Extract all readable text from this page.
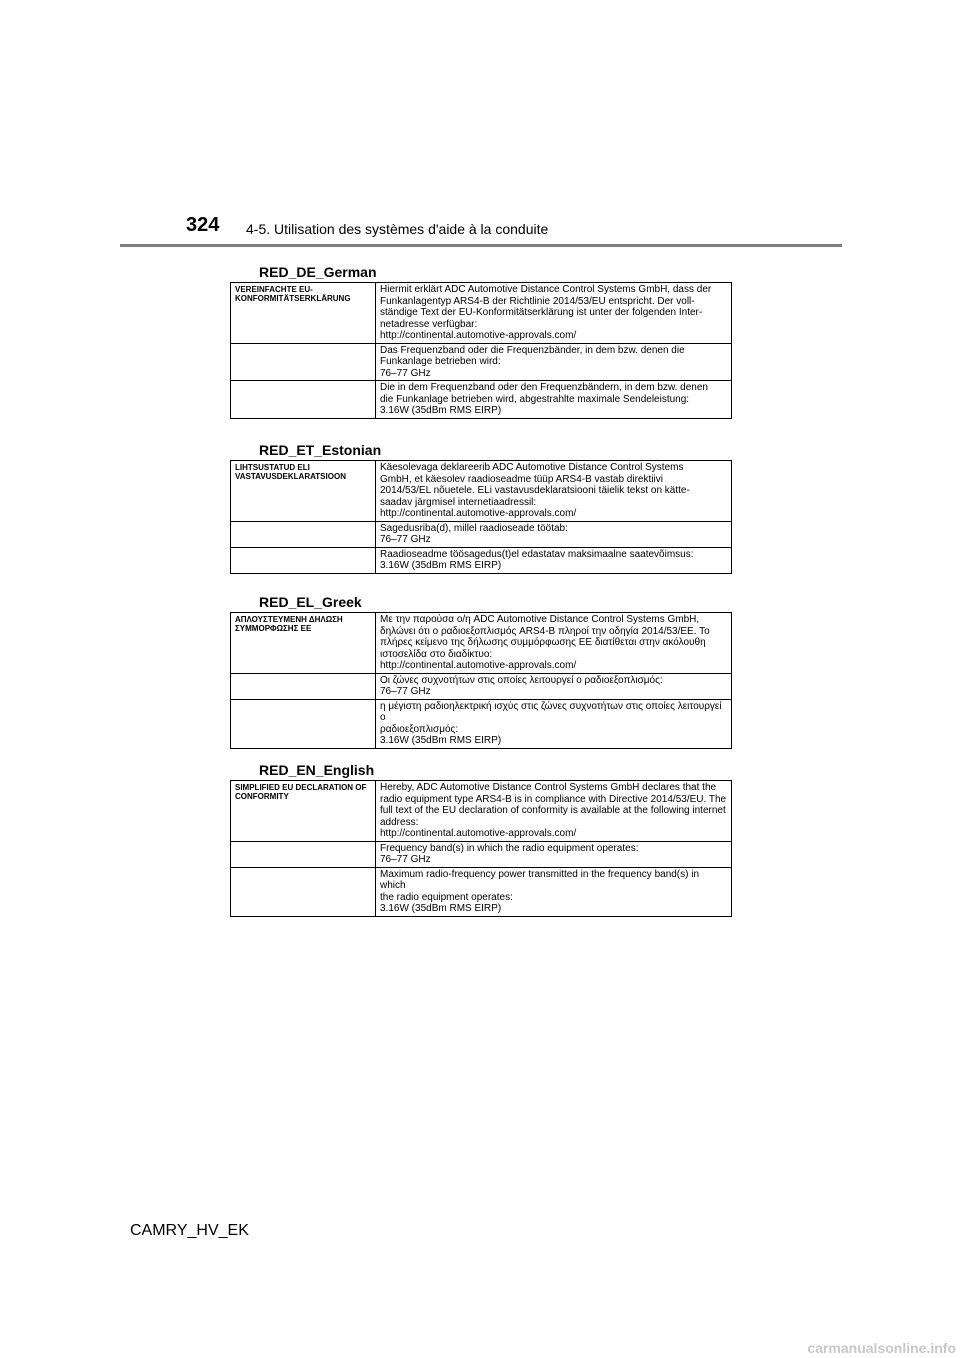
324 4-5. Utilisation des systèmes d'aide à la conduite
RED_DE_German
VEREINFACHTE EU-KONFORMITÄTSERKLÄRUNG	Hiermit erklärt ADC Automotive Distance Control Systems GmbH, dass der
Funkanlagentyp ARS4-B der Richtlinie 2014/53/EU entspricht. Der voll-
ständige Text der EU-Konformitätserklärung ist unter der folgenden Inter-
netadresse verfügbar:
http://continental.automotive-approvals.com/
	Das Frequenzband oder die Frequenzbänder, in dem bzw. denen die
Funkanlage betrieben wird:
76–77 GHz
	Die in dem Frequenzband oder den Frequenzbändern, in dem bzw. denen
die Funkanlage betrieben wird, abgestrahlte maximale Sendeleistung:
3.16W (35dBm RMS EIRP)
RED_ET_Estonian
LIHTSUSTATUD ELI VASTAVUSDEKLARATSIOON	Käesolevaga deklareerib ADC Automotive Distance Control Systems
GmbH, et käesolev raadioseadme tüüp ARS4-B vastab direktiivi
2014/53/EL nõuetele. ELi vastavusdeklaratsiooni täielik tekst on kätte-
saadav järgmisel internetiaadressil:
http://continental.automotive-approvals.com/
	Sagedusriba(d), millel raadioseade töötab:
76–77 GHz
	Raadioseadme töösagedus(t)el edastatav maksimaalne saatevõimsus:
3.16W (35dBm RMS EIRP)
RED_EL_Greek
ΑΠΛΟΥΣΤΕΥΜΕΝΗ ΔΗΛΩΣΗ ΣΥΜΜΟΡΦΩΣΗΣ ΕΕ	Με την παρούσα ο/η ADC Automotive Distance Control Systems GmbH,
δηλώνει ότι ο ραδιοεξοπλισμός ARS4-B πληροί την οδηγία 2014/53/ΕΕ. Το
πλήρες κείμενο της δήλωσης συμμόρφωσης ΕΕ διατίθεται στην ακόλουθη
ιστοσελίδα στο διαδίκτυο:
http://continental.automotive-approvals.com/
	Οι ζώνες συχνοτήτων στις οποίες λειτουργεί ο ραδιοεξοπλισμός:
76–77 GHz
	η μέγιστη ραδιοηλεκτρική ισχύς στις ζώνες συχνοτήτων στις οποίες λειτουργεί ο
ραδιοεξοπλισμός:
3.16W (35dBm RMS EIRP)
RED_EN_English
SIMPLIFIED EU DECLARATION OF CONFORMITY	Hereby, ADC Automotive Distance Control Systems GmbH declares that the
radio equipment type ARS4-B is in compliance with Directive 2014/53/EU. The
full text of the EU declaration of conformity is available at the following internet
address:
http://continental.automotive-approvals.com/
	Frequency band(s) in which the radio equipment operates:
76–77 GHz
	Maximum radio-frequency power transmitted in the frequency band(s) in which
the radio equipment operates:
3.16W (35dBm RMS EIRP)
CAMRY_HV_EK
carmanualsonline.info
